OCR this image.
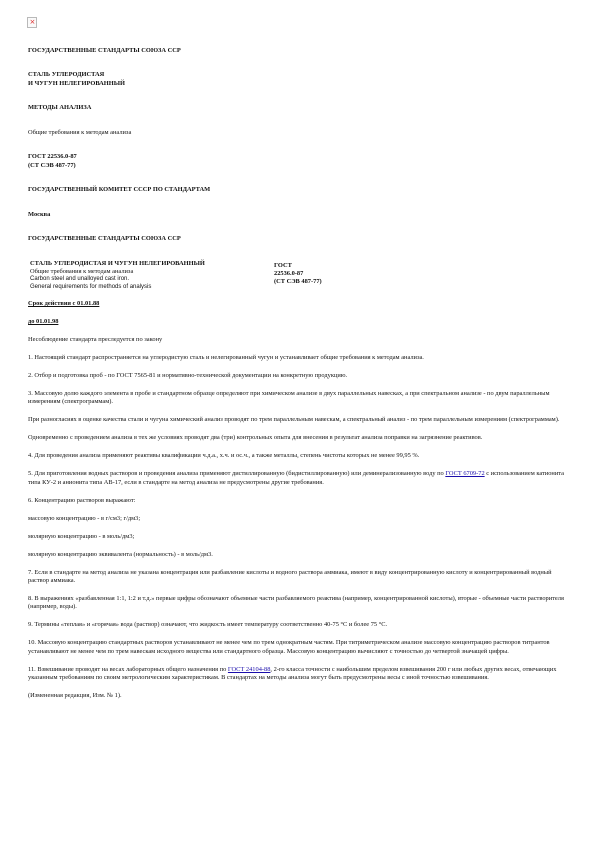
×

ГОСУДАРСТВЕННЫЕ СТАНДАРТЫ СОЮЗА ССР

СТАЛЬ УГЛЕРОДИСТАЯ

И ЧУГУН НЕЛЕГИРОВАННЫЙ

МЕТОДЫ АНАЛИЗА

Общие требования к методам анализа

ГОСТ 22536.0-87

(СТ СЭВ 487-77)

ГОСУДАРСТВЕННЫЙ КОМИТЕТ СССР ПО СТАНДАРТАМ

Москва

ГОСУДАРСТВЕННЫЕ СТАНДАРТЫ СОЮЗА ССР

СТАЛЬ УГЛЕРОДИСТАЯ И ЧУГУН НЕЛЕГИРОВАННЫЙ
Общие требования к методам анализа
Carbon steel and unalloyed cast iron.
General requirements for methods of analysis

ГОСТ
22536.0-87
(СТ СЭВ 487-77)

Срок действия с 01.01.88

до 01.01.98

Несоблюдение стандарта преследуется по закону

1. Настоящий стандарт распространяется на углеродистую сталь и нелегированный чугун и устанавливает общие требования к методам анализа.

2. Отбор и подготовка проб - по ГОСТ 7565-81 и нормативно-технической документации на конкретную продукцию.

3. Массовую долю каждого элемента в пробе и стандартном образце определяют при химическом анализе в двух параллельных навесках, а при спектральном анализе - по двум параллельным измерениям (спектрограммам).

При разногласиях в оценке качества стали и чугуна химический анализ проводят по трем параллельным навескам, а спектральный анализ - по трем параллельным измерениям (спектрограммам).

Одновременно с проведением анализа в тех же условиях проводят два (три) контрольных опыта для внесения в результат анализа поправки на загрязнение реактивов.

4. Для проведения анализа применяют реактивы квалификации ч.д.а., х.ч. и ос.ч., а также металлы, степень чистоты которых не менее 99,95 %.

5. Для приготовления водных растворов и проведения анализа применяют дистиллированную (бидистиллированную) или деминерализованную воду по ГОСТ 6709-72 с использованием катионита типа КУ-2 и анионита типа АВ-17, если в стандарте на метод анализа не предусмотрены другие требования.

6. Концентрацию растворов выражают:

массовую концентрацию - в г/см3; г/дм3;

молярную концентрацию - в моль/дм3;

молярную концентрацию эквивалента (нормальность) - в моль/дм3.

7. Если в стандарте на метод анализа не указана концентрация или разбавление кислоты и водного раствора аммиака, имеют в виду концентрированную кислоту и концентрированный водный раствор аммиака.

8. В выражениях «разбавленная 1:1, 1:2 и т.д.» первые цифры обозначают объемные части разбавляемого реактива (например, концентрированной кислоты), вторые - объемные части растворителя (например, воды).

9. Термины «теплая» и «горячая» вода (раствор) означают, что жидкость имеет температуру соответственно 40-75 °С и более 75 °С.

10. Массовую концентрацию стандартных растворов устанавливают не менее чем по трем однократным частям. При титриметрическом анализе массовую концентрацию растворов титрантов устанавливают не менее чем по трем навескам исходного вещества или стандартного образца. Массовую концентрацию вычисляют с точностью до четвертой значащей цифры.

11. Взвешивание проводят на весах лабораторных общего назначения по ГОСТ 24104-88, 2-го класса точности с наибольшим пределом взвешивания 200 г или любых других весах, отвечающих указанным требованиям по своим метрологическим характеристикам. В стандартах на методы анализа могут быть предусмотрены весы с иной точностью взвешивания.

(Измененная редакция, Изм. № 1).
